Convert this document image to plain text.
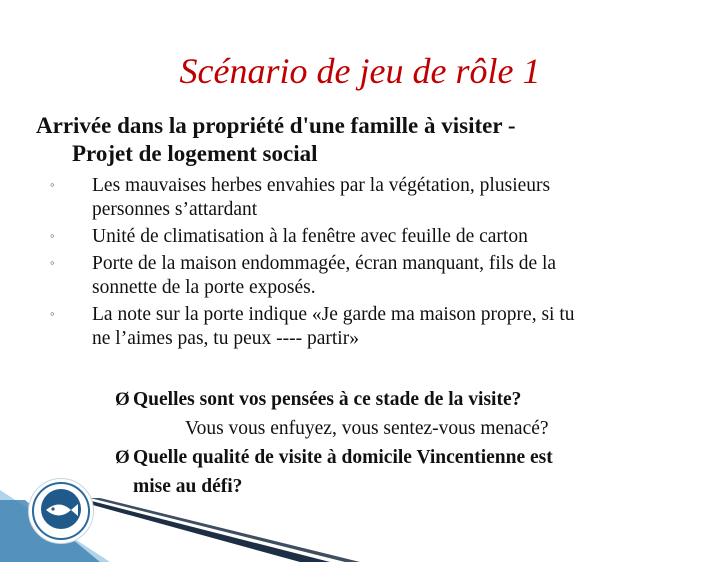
Scénario de jeu de rôle 1
Arrivée dans la propriété d'une famille à visiter -
Projet de logement social
◦	Les mauvaises herbes envahies par la végétation, plusieurs
personnes s’attardant
◦	Unité de climatisation à la fenêtre avec feuille de carton
◦	Porte de la maison endommagée, écran manquant, fils de la
sonnette de la porte exposés.
◦	La note sur la porte indique «Je garde ma maison propre, si tu
ne l’aimes pas, tu peux ---- partir»
Ø Quelles sont vos pensées à ce stade de la visite?
Vous vous enfuyez, vous sentez-vous menacé?
Ø Quelle qualité de visite à domicile Vincentienne est
mise au défi?
